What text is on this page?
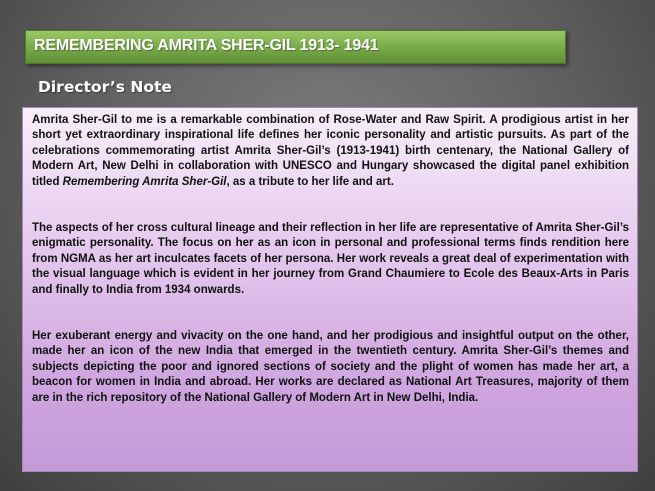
REMEMBERING AMRITA SHER-GIL 1913- 1941
Director’s Note

Amrita Sher-Gil to me is a remarkable combination of Rose-Water and Raw Spirit. A prodigious artist in her short yet extraordinary inspirational life defines her iconic personality and artistic pursuits. As part of the celebrations commemorating artist Amrita Sher-Gil’s (1913-1941) birth centenary, the National Gallery of Modern Art, New Delhi in collaboration with UNESCO and Hungary showcased the digital panel exhibition titled Remembering Amrita Sher-Gil, as a tribute to her life and art.

The aspects of her cross cultural lineage and their reflection in her life are representative of Amrita Sher-Gil’s enigmatic personality. The focus on her as an icon in personal and professional terms finds rendition here from NGMA as her art inculcates facets of her persona. Her work reveals a great deal of experimentation with the visual language which is evident in her journey from Grand Chaumiere to Ecole des Beaux-Arts in Paris and finally to India from 1934 onwards.

Her exuberant energy and vivacity on the one hand, and her prodigious and insightful output on the other, made her an icon of the new India that emerged in the twentieth century. Amrita Sher-Gil’s themes and subjects depicting the poor and ignored sections of society and the plight of women has made her art, a beacon for women in India and abroad. Her works are declared as National Art Treasures, majority of them are in the rich repository of the National Gallery of Modern Art in New Delhi, India.
